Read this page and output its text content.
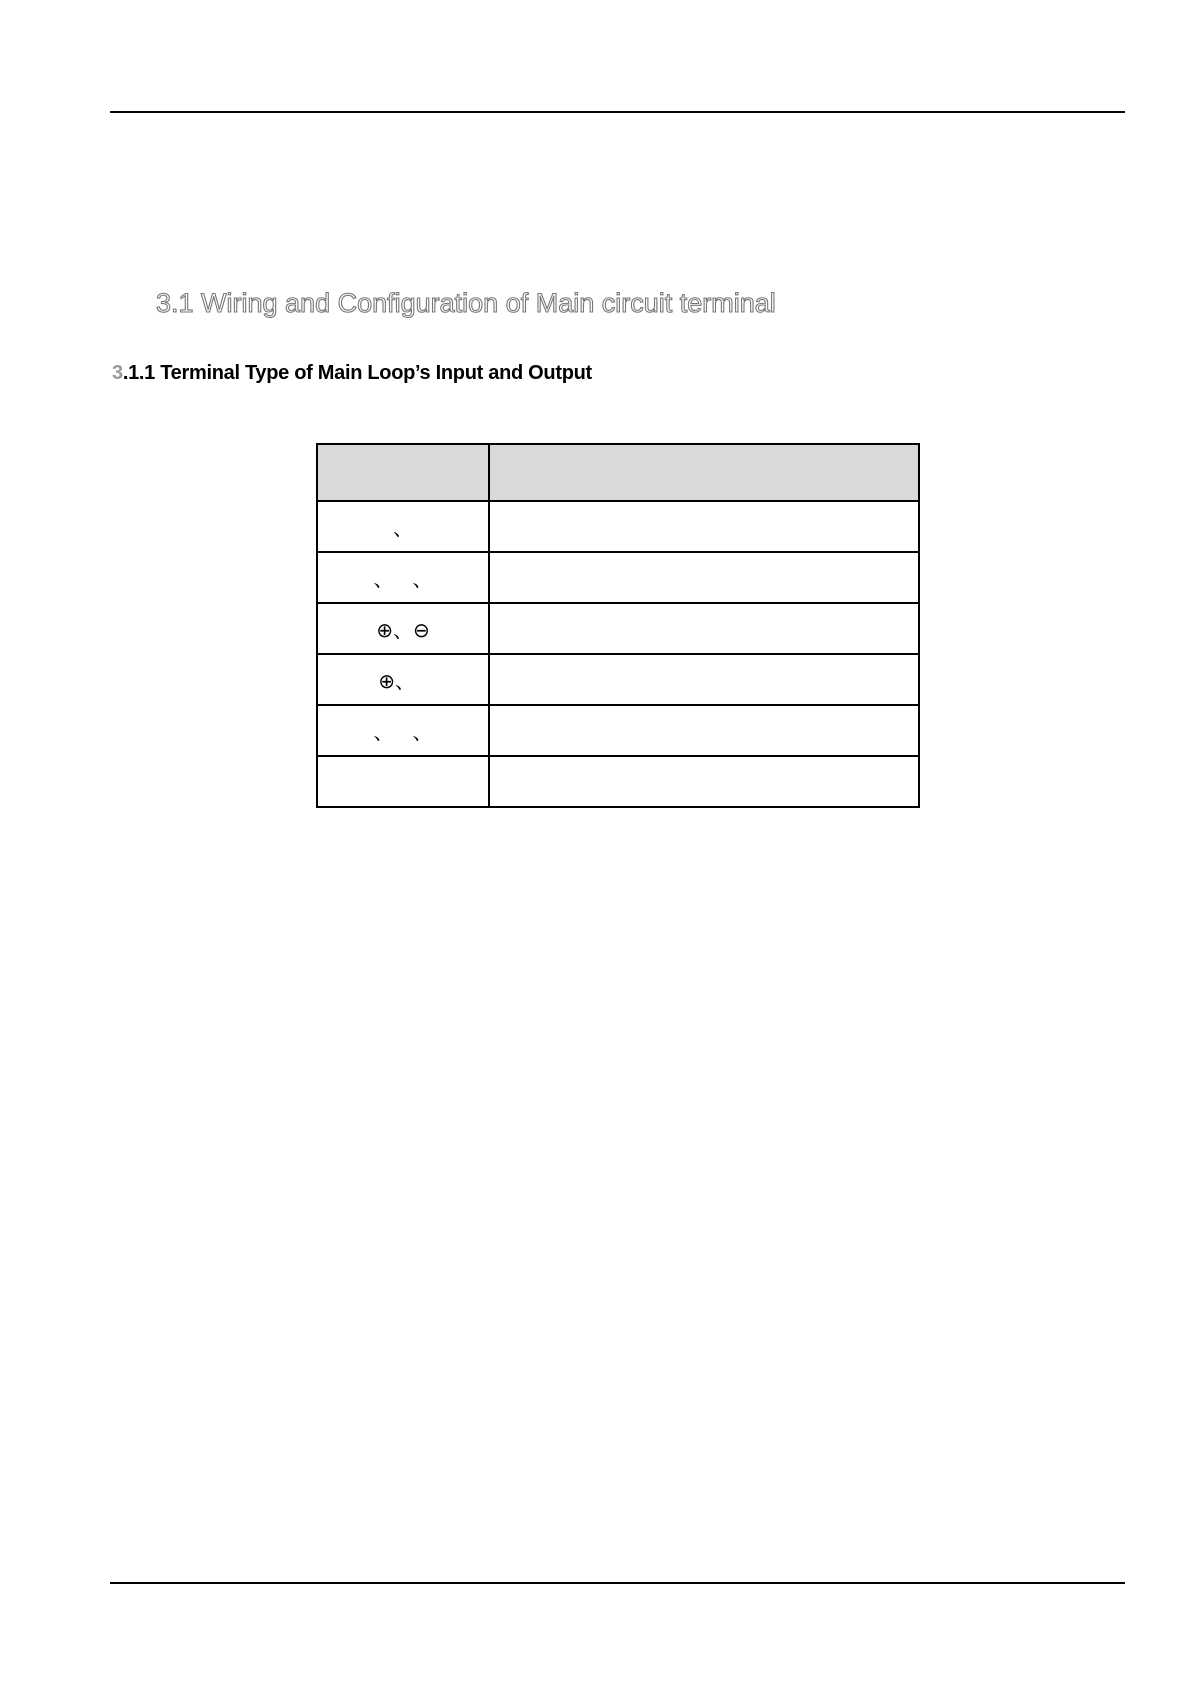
3.1 Wiring and Configuration of Main circuit terminal
3.1.1 Terminal Type of Main Loop’s Input and Output

、	
、   、	
⊕、⊖	
⊕、	
、   、	
